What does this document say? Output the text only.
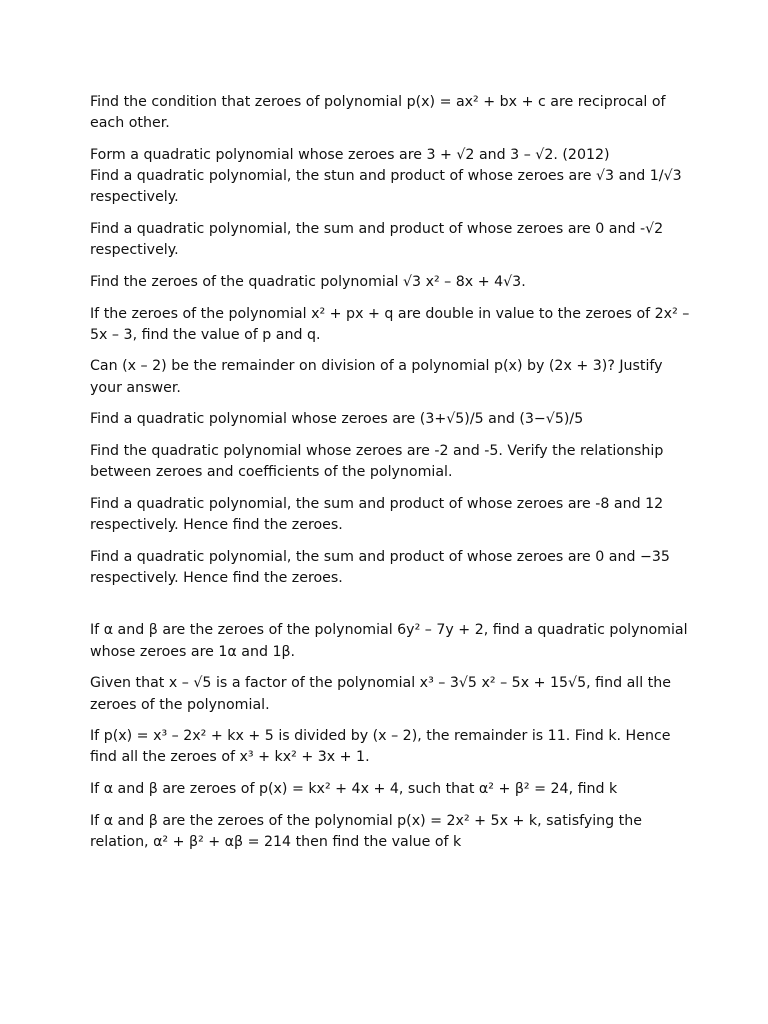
Find the condition that zeroes of polynomial p(x) = ax² + bx + c are reciprocal of each other.

Form a quadratic polynomial whose zeroes are 3 + √2 and 3 – √2. (2012)

Find a quadratic polynomial, the stun and product of whose zeroes are √3 and 1/√3 respectively.

Find a quadratic polynomial, the sum and product of whose zeroes are 0 and -√2 respectively.

Find the zeroes of the quadratic polynomial √3 x² – 8x + 4√3.

If the zeroes of the polynomial x² + px + q are double in value to the zeroes of 2x² – 5x – 3, find the value of p and q.

Can (x – 2) be the remainder on division of a polynomial p(x) by (2x + 3)? Justify your answer.

Find a quadratic polynomial whose zeroes are (3+√5)/5 and (3−√5)/5

Find the quadratic polynomial whose zeroes are -2 and -5. Verify the relationship between zeroes and coefficients of the polynomial.

Find a quadratic polynomial, the sum and product of whose zeroes are -8 and 12 respectively. Hence find the zeroes.

Find a quadratic polynomial, the sum and product of whose zeroes are 0 and −35 respectively. Hence find the zeroes.

If α and β are the zeroes of the polynomial 6y² – 7y + 2, find a quadratic polynomial whose zeroes are 1α and 1β.

Given that x – √5 is a factor of the polynomial x³ – 3√5 x² – 5x + 15√5, find all the zeroes of the polynomial.

If p(x) = x³ – 2x² + kx + 5 is divided by (x – 2), the remainder is 11. Find k. Hence find all the zeroes of x³ + kx² + 3x + 1.

If α and β are zeroes of p(x) = kx² + 4x + 4, such that α² + β² = 24, find k

If α and β are the zeroes of the polynomial p(x) = 2x² + 5x + k, satisfying the relation, α² + β² + αβ = 214 then find the value of k
